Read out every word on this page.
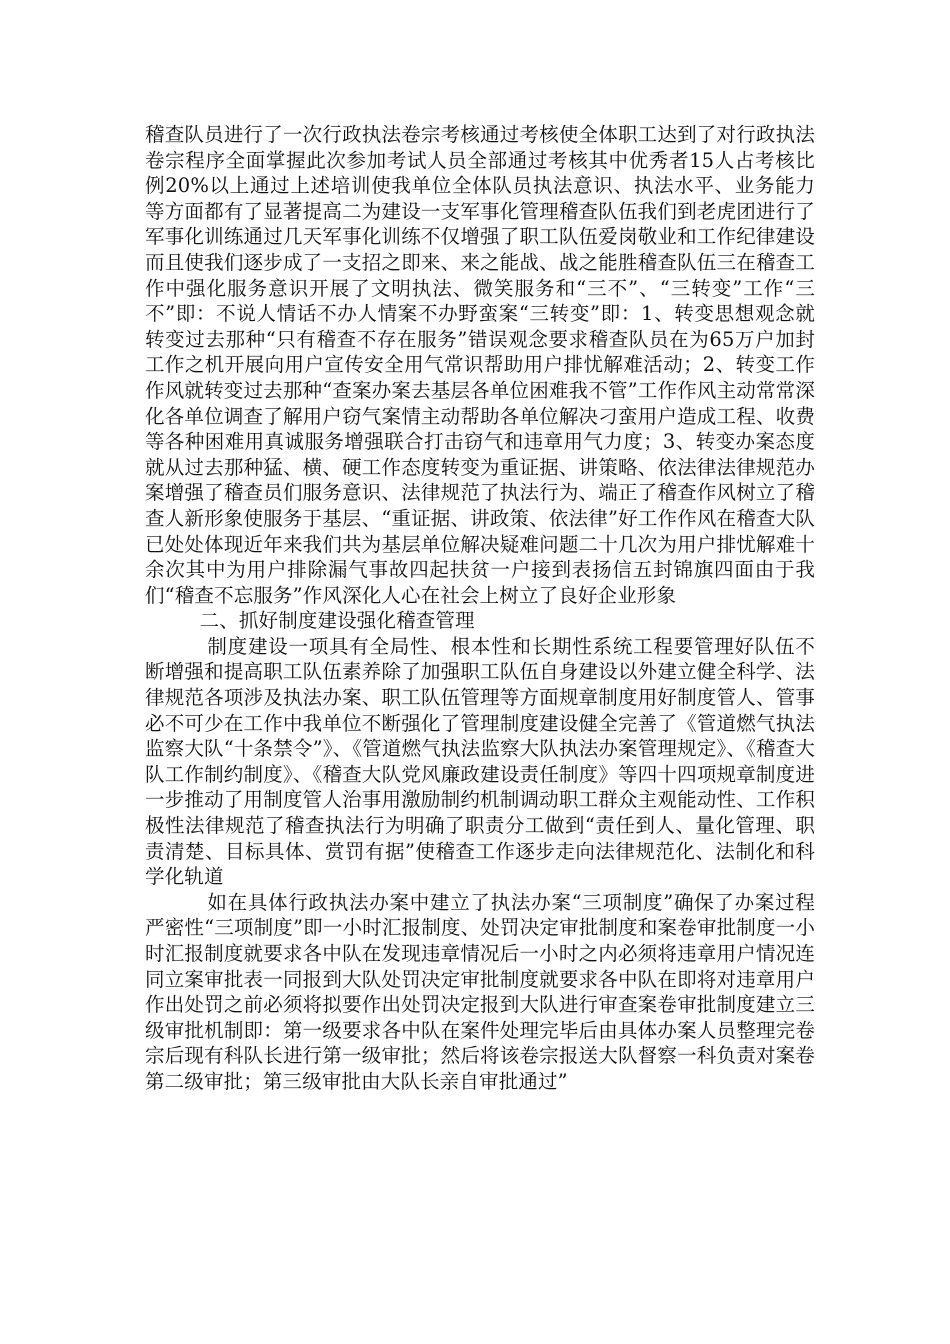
稽查队员进行了一次行政执法卷宗考核通过考核使全体职工达到了对行政执法卷宗程序全面掌握此次参加考试人员全部通过考核其中优秀者15人占考核比例20%以上通过上述培训使我单位全体队员执法意识、执法水平、业务能力等方面都有了显著提高二为建设一支军事化管理稽查队伍我们到老虎团进行了军事化训练通过几天军事化训练不仅增强了职工队伍爱岗敬业和工作纪律建设而且使我们逐步成了一支招之即来、来之能战、战之能胜稽查队伍三在稽查工作中强化服务意识开展了文明执法、微笑服务和“三不”、“三转变”工作“三不”即：不说人情话不办人情案不办野蛮案“三转变”即：1、转变思想观念就转变过去那种“只有稽查不存在服务”错误观念要求稽查队员在为65万户加封工作之机开展向用户宣传安全用气常识帮助用户排忧解难活动；2、转变工作作风就转变过去那种“查案办案去基层各单位困难我不管”工作作风主动常常深化各单位调查了解用户窃气案情主动帮助各单位解决刁蛮用户造成工程、收费等各种困难用真诚服务增强联合打击窃气和违章用气力度；3、转变办案态度就从过去那种猛、横、硬工作态度转变为重证据、讲策略、依法律法律规范办案增强了稽查员们服务意识、法律规范了执法行为、端正了稽查作风树立了稽查人新形象使服务于基层、“重证据、讲政策、依法律”好工作作风在稽查大队已处处体现近年来我们共为基层单位解决疑难问题二十几次为用户排忧解难十余次其中为用户排除漏气事故四起扶贫一户接到表扬信五封锦旗四面由于我们“稽查不忘服务”作风深化人心在社会上树立了良好企业形象

二、抓好制度建设强化稽查管理

制度建设一项具有全局性、根本性和长期性系统工程要管理好队伍不断增强和提高职工队伍素养除了加强职工队伍自身建设以外建立健全科学、法律规范各项涉及执法办案、职工队伍管理等方面规章制度用好制度管人、管事必不可少在工作中我单位不断强化了管理制度建设健全完善了《管道燃气执法监察大队“十条禁令”》、《管道燃气执法监察大队执法办案管理规定》、《稽查大队工作制约制度》、《稽查大队党风廉政建设责任制度》等四十四项规章制度进一步推动了用制度管人治事用激励制约机制调动职工群众主观能动性、工作积极性法律规范了稽查执法行为明确了职责分工做到“责任到人、量化管理、职责清楚、目标具体、赏罚有据”使稽查工作逐步走向法律规范化、法制化和科学化轨道

如在具体行政执法办案中建立了执法办案“三项制度”确保了办案过程严密性“三项制度”即一小时汇报制度、处罚决定审批制度和案卷审批制度一小时汇报制度就要求各中队在发现违章情况后一小时之内必须将违章用户情况连同立案审批表一同报到大队处罚决定审批制度就要求各中队在即将对违章用户作出处罚之前必须将拟要作出处罚决定报到大队进行审查案卷审批制度建立三级审批机制即：第一级要求各中队在案件处理完毕后由具体办案人员整理完卷宗后现有科队长进行第一级审批；然后将该卷宗报送大队督察一科负责对案卷第二级审批；第三级审批由大队长亲自审批通过”
